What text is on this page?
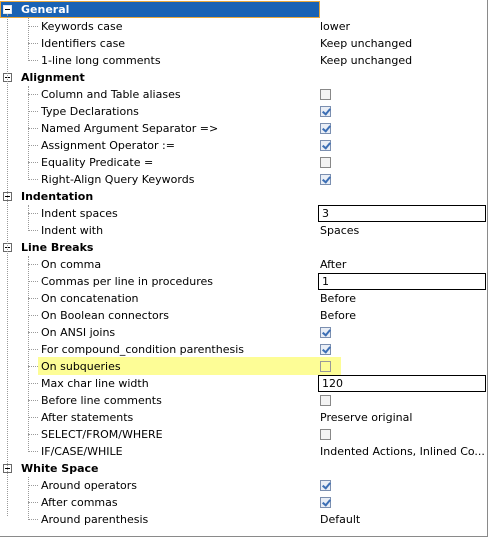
General
Keywords case	lower
Identifiers case	Keep unchanged
1-line long comments	Keep unchanged
Alignment
Column and Table aliases
Type Declarations
Named Argument Separator =>
Assignment Operator :=
Equality Predicate =
Right-Align Query Keywords
Indentation
Indent spaces	3
Indent with	Spaces
Line Breaks
On comma	After
Commas per line in procedures	1
On concatenation	Before
On Boolean connectors	Before
On ANSI joins
For compound_condition parenthesis
On subqueries
Max char line width	120
Before line comments
After statements	Preserve original
SELECT/FROM/WHERE
IF/CASE/WHILE	Indented Actions, Inlined Co...
White Space
Around operators
After commas
Around parenthesis	Default
